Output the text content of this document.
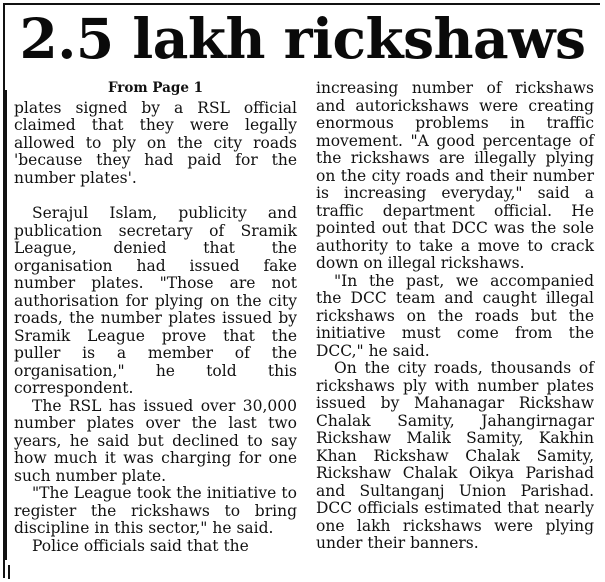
2.5 lakh rickshaws
From Page 1

plates signed by a RSL official claimed that they were legally allowed to ply on the city roads 'because they had paid for the number plates'.

Serajul Islam, publicity and publication secretary of Sramik League, denied that the organisation had issued fake number plates. "Those are not authorisation for plying on the city roads, the number plates issued by Sramik League prove that the puller is a member of the organisation," he told this correspondent.

The RSL has issued over 30,000 number plates over the last two years, he said but declined to say how much it was charging for one such number plate.

"The League took the initiative to register the rickshaws to bring discipline in this sector," he said.

Police officials said that the

increasing number of rickshaws and autorickshaws were creating enormous problems in traffic movement. "A good percentage of the rickshaws are illegally plying on the city roads and their number is increasing everyday," said a traffic department official. He pointed out that DCC was the sole authority to take a move to crack down on illegal rickshaws.

"In the past, we accompanied the DCC team and caught illegal rickshaws on the roads but the initiative must come from the DCC," he said.

On the city roads, thousands of rickshaws ply with number plates issued by Mahanagar Rickshaw Chalak Samity, Jahangirnagar Rickshaw Malik Samity, Kakhin Khan Rickshaw Chalak Samity, Rickshaw Chalak Oikya Parishad and Sultanganj Union Parishad. DCC officials estimated that nearly one lakh rickshaws were plying under their banners.
